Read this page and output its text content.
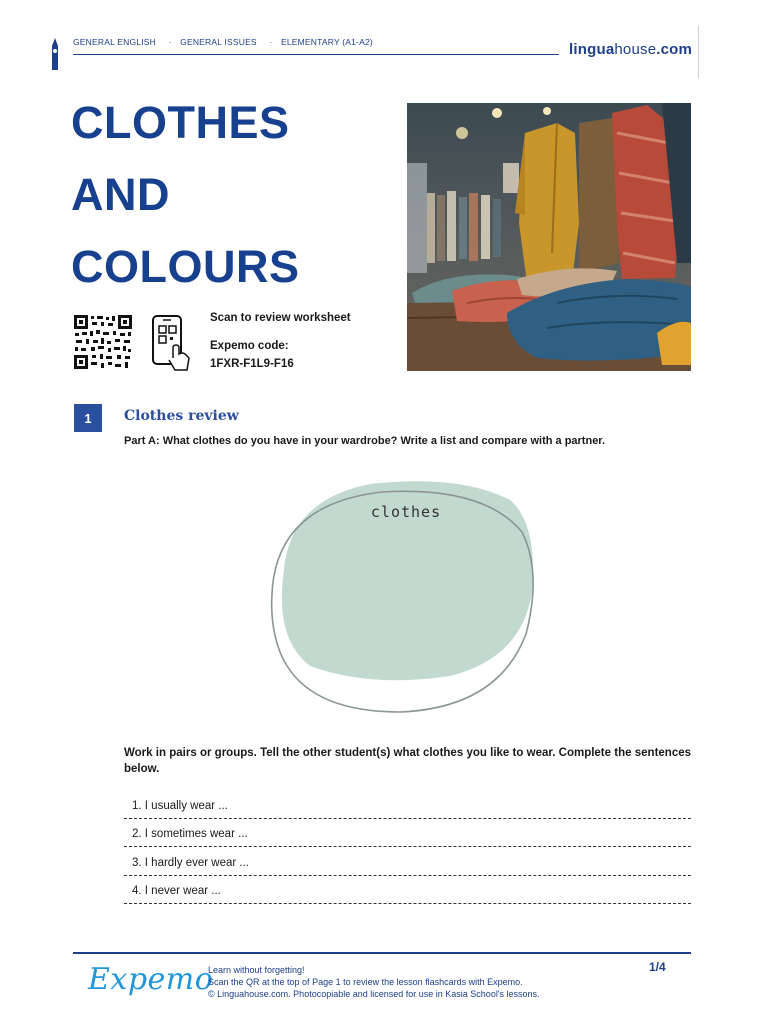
GENERAL ENGLISH · GENERAL ISSUES · ELEMENTARY (A1-A2)	linguahouse.com
CLOTHES
AND
COLOURS
Scan to review worksheet
Expemo code:
1FXR-F1L9-F16
1	Clothes review
Part A: What clothes do you have in your wardrobe? Write a list and compare with a partner.
clothes
Work in pairs or groups. Tell the other student(s) what clothes you like to wear. Complete the sentences below.
1. I usually wear ...
2. I sometimes wear ...
3. I hardly ever wear ...
4. I never wear ...
Expemo
Learn without forgetting!
Scan the QR at the top of Page 1 to review the lesson flashcards with Expemo.
© Linguahouse.com. Photocopiable and licensed for use in Kasia School's lessons.
1/4
